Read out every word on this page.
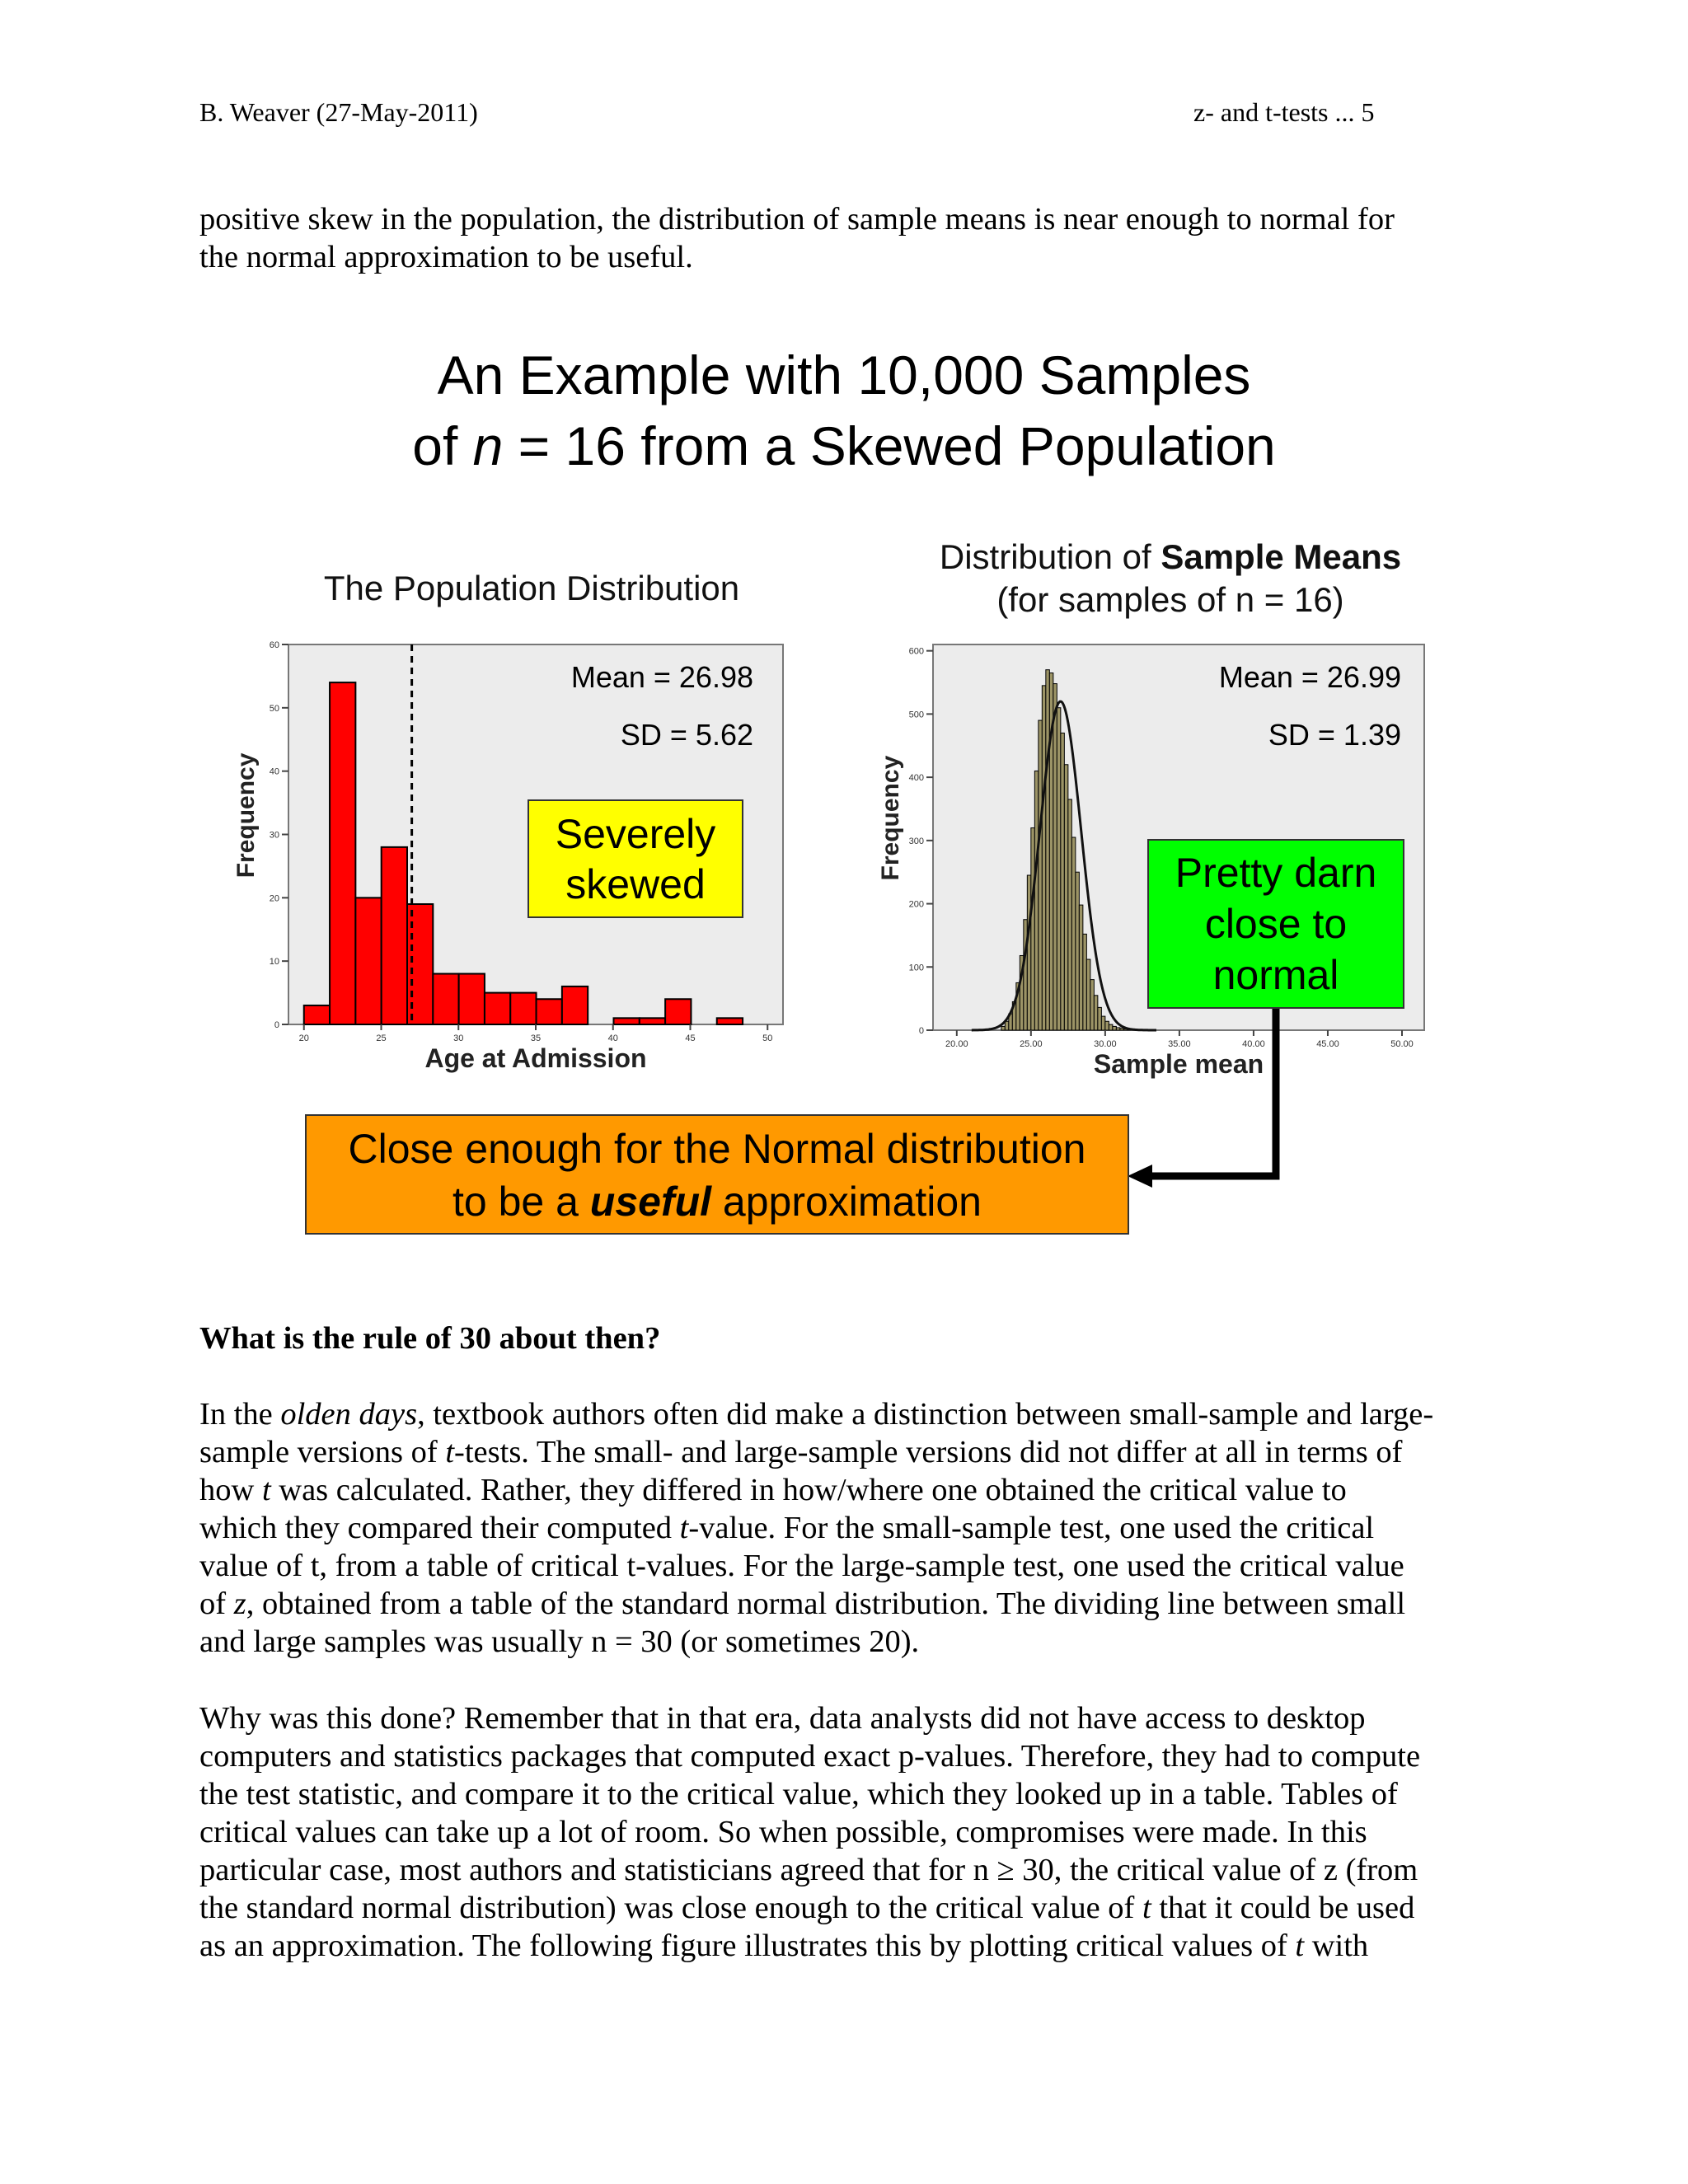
B. Weaver (27-May-2011)	z- and t-tests ... 5

positive skew in the population, the distribution of sample means is near enough to normal for

the normal approximation to be useful.

An Example with 10,000 Samples
of n = 16 from a Skewed Population
The Population Distribution
Distribution of Sample Means
(for samples of n = 16)
0
10
20
30
40
50
60
20	25	30	35	40	45	50
Age at Admission
Frequency
Mean = 26.98
SD = 5.62
0
100
200
300
400
500
600
20.00	25.00	30.00	35.00	40.00	45.00	50.00
Sample mean
Frequency
Mean = 26.99
SD = 1.39
Severely
skewed	Pretty darn
close to
normal
Close enough for the Normal distribution
to be a useful approximation
What is the rule of 30 about then?

In the olden days, textbook authors often did make a distinction between small-sample and large-

sample versions of t-tests. The small- and large-sample versions did not differ at all in terms of

how t was calculated. Rather, they differed in how/where one obtained the critical value to

which they compared their computed t-value. For the small-sample test, one used the critical

value of t, from a table of critical t-values. For the large-sample test, one used the critical value

of z, obtained from a table of the standard normal distribution. The dividing line between small

and large samples was usually n = 30 (or sometimes 20).

Why was this done? Remember that in that era, data analysts did not have access to desktop

computers and statistics packages that computed exact p-values. Therefore, they had to compute

the test statistic, and compare it to the critical value, which they looked up in a table. Tables of

critical values can take up a lot of room. So when possible, compromises were made. In this

particular case, most authors and statisticians agreed that for n ≥ 30, the critical value of z (from

the standard normal distribution) was close enough to the critical value of t that it could be used

as an approximation. The following figure illustrates this by plotting critical values of t with
